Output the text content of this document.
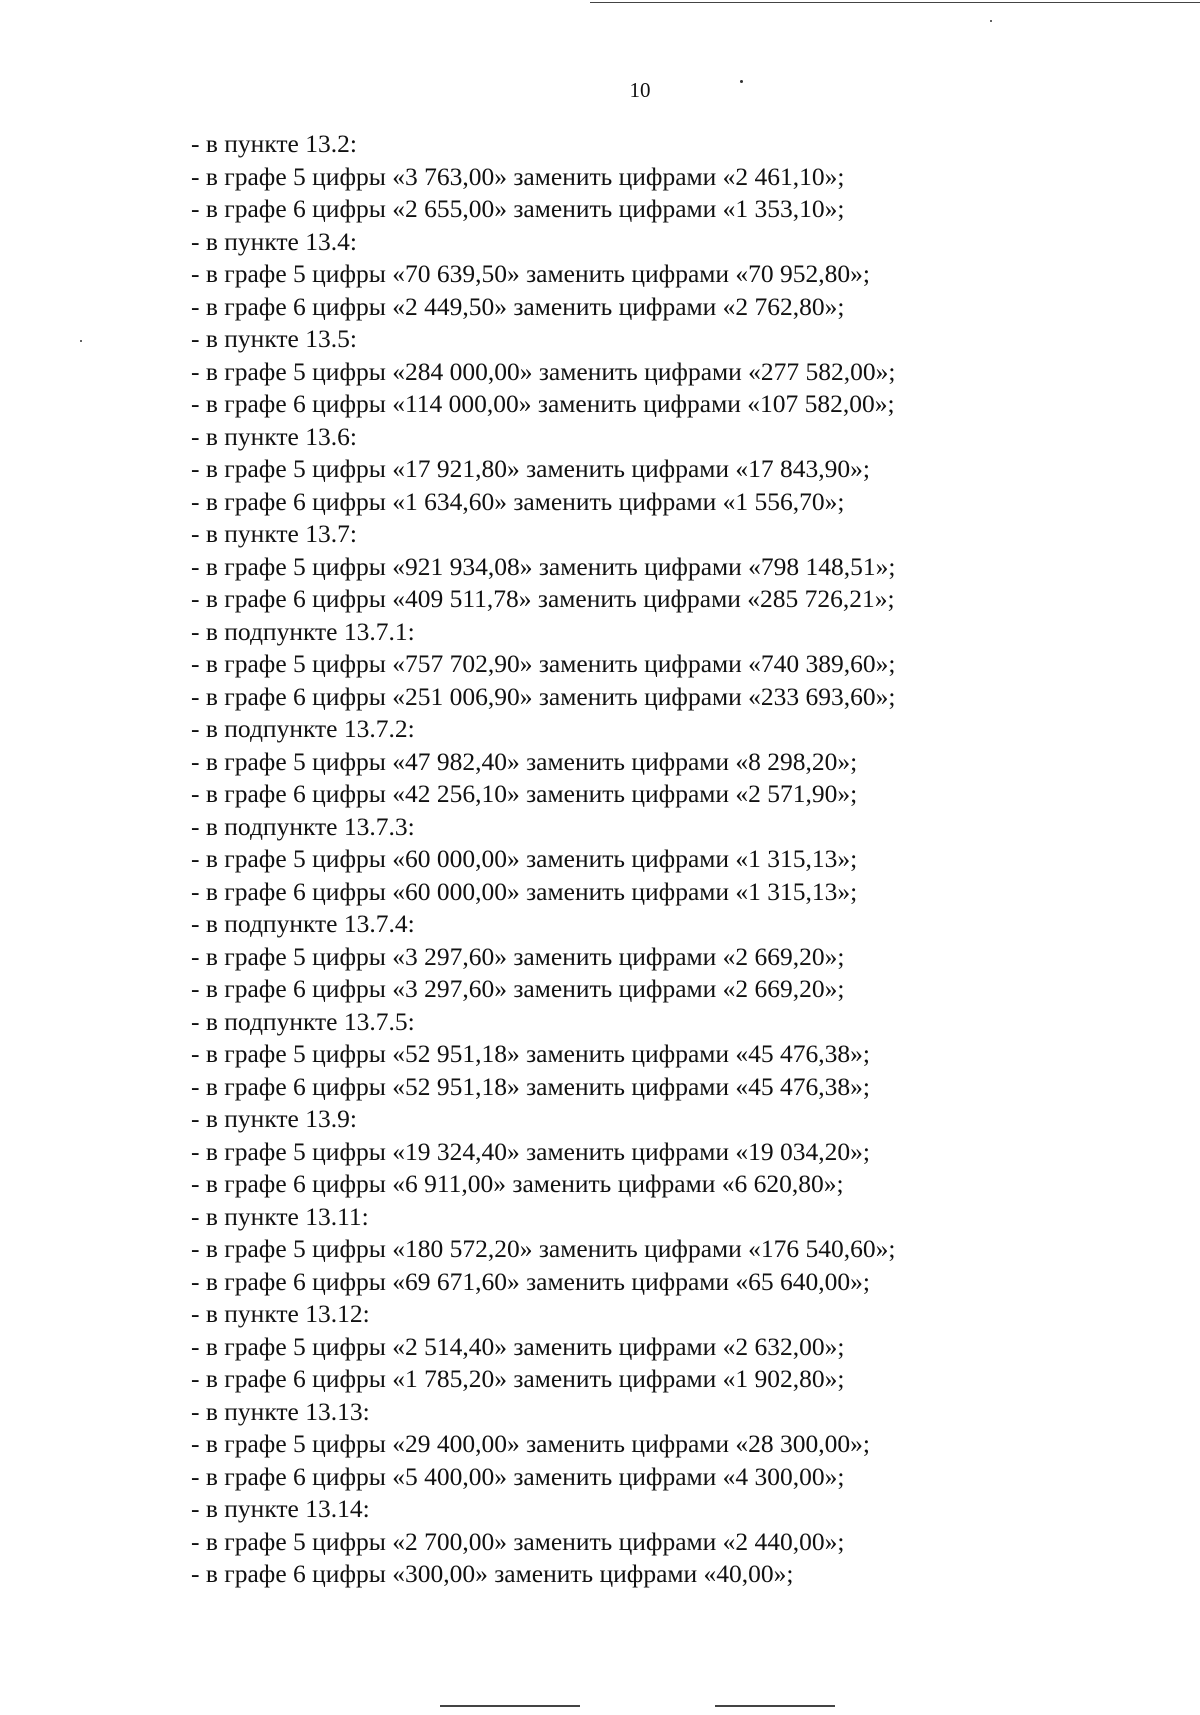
10
- в пункте 13.2:
- в графе 5 цифры «3 763,00» заменить цифрами «2 461,10»;
- в графе 6 цифры «2 655,00» заменить цифрами «1 353,10»;
- в пункте 13.4:
- в графе 5 цифры «70 639,50» заменить цифрами «70 952,80»;
- в графе 6 цифры «2 449,50» заменить цифрами «2 762,80»;
- в пункте 13.5:
- в графе 5 цифры «284 000,00» заменить цифрами «277 582,00»;
- в графе 6 цифры «114 000,00» заменить цифрами «107 582,00»;
- в пункте 13.6:
- в графе 5 цифры «17 921,80» заменить цифрами «17 843,90»;
- в графе 6 цифры «1 634,60» заменить цифрами «1 556,70»;
- в пункте 13.7:
- в графе 5 цифры «921 934,08» заменить цифрами «798 148,51»;
- в графе 6 цифры «409 511,78» заменить цифрами «285 726,21»;
- в подпункте 13.7.1:
- в графе 5 цифры «757 702,90» заменить цифрами «740 389,60»;
- в графе 6 цифры «251 006,90» заменить цифрами «233 693,60»;
- в подпункте 13.7.2:
- в графе 5 цифры «47 982,40» заменить цифрами «8 298,20»;
- в графе 6 цифры «42 256,10» заменить цифрами «2 571,90»;
- в подпункте 13.7.3:
- в графе 5 цифры «60 000,00» заменить цифрами «1 315,13»;
- в графе 6 цифры «60 000,00» заменить цифрами «1 315,13»;
- в подпункте 13.7.4:
- в графе 5 цифры «3 297,60» заменить цифрами «2 669,20»;
- в графе 6 цифры «3 297,60» заменить цифрами «2 669,20»;
- в подпункте 13.7.5:
- в графе 5 цифры «52 951,18» заменить цифрами «45 476,38»;
- в графе 6 цифры «52 951,18» заменить цифрами «45 476,38»;
- в пункте 13.9:
- в графе 5 цифры «19 324,40» заменить цифрами «19 034,20»;
- в графе 6 цифры «6 911,00» заменить цифрами «6 620,80»;
- в пункте 13.11:
- в графе 5 цифры «180 572,20» заменить цифрами «176 540,60»;
- в графе 6 цифры «69 671,60» заменить цифрами «65 640,00»;
- в пункте 13.12:
- в графе 5 цифры «2 514,40» заменить цифрами «2 632,00»;
- в графе 6 цифры «1 785,20» заменить цифрами «1 902,80»;
- в пункте 13.13:
- в графе 5 цифры «29 400,00» заменить цифрами «28 300,00»;
- в графе 6 цифры «5 400,00» заменить цифрами «4 300,00»;
- в пункте 13.14:
- в графе 5 цифры «2 700,00» заменить цифрами «2 440,00»;
- в графе 6 цифры «300,00» заменить цифрами «40,00»;
